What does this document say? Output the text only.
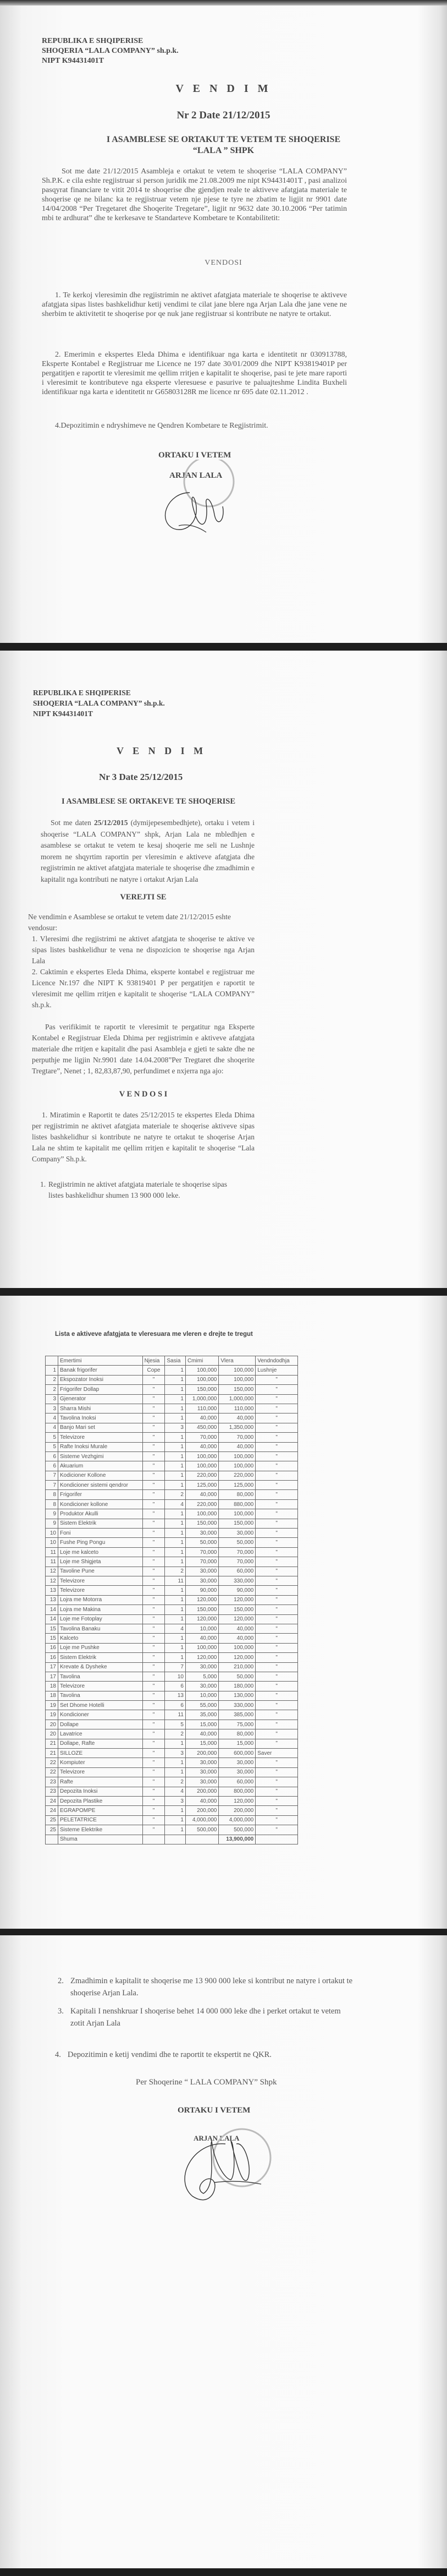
REPUBLIKA E SHQIPERISE
SHOQERIA “LALA COMPANY” sh.p.k.
NIPT K94431401T
V E N D I M
Nr 2 Date 21/12/2015
I ASAMBLESE SE ORTAKUT TE VETEM TE SHOQERISE
“LALA ” SHPK
Sot me date 21/12/2015 Asambleja e ortakut te vetem te shoqerise “LALA COMPANY” Sh.P.K. e cila eshte regjistruar si person juridik me 21.08.2009 me nipt K94431401T , pasi analizoi pasqyrat financiare te vitit 2014 te shoqerise dhe gjendjen reale te aktiveve afatgjata materiale te shoqerise qe ne bilanc ka te regjistruar vetem nje pjese te tyre ne zbatim te ligjit nr 9901 date 14/04/2008 “Per Tregetaret dhe Shoqerite Tregetare”, ligjit nr 9632 date 30.10.2006 “Per tatimin mbi te ardhurat” dhe te kerkesave te Standarteve Kombetare te Kontabilitetit:
VENDOSI
1. Te kerkoj vleresimin dhe regjistrimin ne aktivet afatgjata materiale te shoqerise te aktiveve afatgjata sipas listes bashkelidhur ketij vendimi te cilat jane blere nga Arjan Lala dhe jane vene ne sherbim te aktivitetit te shoqerise por qe nuk jane regjistruar si kontribute ne natyre te ortakut.
2. Emerimin e ekspertes Eleda Dhima e identifikuar nga karta e identitetit nr 030913788, Eksperte Kontabel e Regjistruar me Licence ne 197 date 30/01/2009 dhe NIPT K93819401P per pergatitjen e raportit te vleresimit me qellim rritjen e kapitalit te shoqerise, pasi te jete mare raporti i vleresimit te kontributeve nga eksperte vleresuese e pasurive te paluajteshme Lindita Buxheli identifikuar nga karta e identitetit nr G65803128R me licence nr 695 date 02.11.2012 .
4.Depozitimin e ndryshimeve ne Qendren Kombetare te Regjistrimit.
ORTAKU I VETEM
ARJAN LALA
REPUBLIKA E SHQIPERISE
SHOQERIA “LALA COMPANY” sh.p.k.
NIPT K94431401T
V E N D I M
Nr 3 Date 25/12/2015
I ASAMBLESE SE ORTAKEVE TE SHOQERISE
Sot me daten 25/12/2015 (dymijepesembedhjete), ortaku i vetem i shoqerise “LALA COMPANY” shpk, Arjan Lala ne mbledhjen e asamblese se ortakut te vetem te kesaj shoqerie me seli ne Lushnje morem ne shqyrtim raportin per vleresimin e aktiveve afatgjata dhe regjistrimin ne aktivet afatgjata materiale te shoqerise dhe zmadhimin e kapitalit nga kontributi ne natyre i ortakut Arjan Lala
VEREJTI SE
Ne vendimin e Asamblese se ortakut te vetem date 21/12/2015 eshte vendosur:
1. Vleresimi dhe regjistrimi ne aktivet afatgjata te shoqerise te aktive ve sipas listes bashkelidhur te vena ne dispozicion te shoqerise nga Arjan Lala
2. Caktimin e ekspertes Eleda Dhima, eksperte kontabel e regjistruar me Licence Nr.197 dhe NIPT K 93819401 P per pergatitjen e raportit te vleresimit me qellim rritjen e kapitalit te shoqerise “LALA COMPANY” sh.p.k.
Pas verifikimit te raportit te vleresimit te pergatitur nga Eksperte Kontabel e Regjistruar Eleda Dhima per regjistrimin e aktiveve afatgjata materiale dhe rritjen e kapitalit dhe pasi Asambleja e gjeti te sakte dhe ne perputhje me ligjin Nr.9901 date 14.04.2008”Per Tregtaret dhe shoqerite Tregtare”, Nenet ; 1, 82,83,87,90, perfundimet e nxjerra nga ajo:
V E N D O S I
1. Miratimin e Raportit te dates 25/12/2015 te ekspertes Eleda Dhima per regjistrimin ne aktivet afatgjata materiale te shoqerise aktiveve sipas listes bashkelidhur si kontribute ne natyre te ortakut te shoqerise Arjan Lala ne shtim te kapitalit me qellim rritjen e kapitalit te shoqerise “Lala Company” Sh.p.k.
1. Regjistrimin ne aktivet afatgjata materiale te shoqerise sipas listes bashkelidhur shumen 13 900 000 leke.
Lista e aktiveve afatgjata te vleresuara me vleren e drejte te tregut
	Emertimi	Njesia	Sasia	Cmimi	Vlera	Vendndodhja
1	Banak frigorifer	Cope	1	100,000	100,000	Lushnje
2	Ekspozator Inoksi	"	1	100,000	100,000	"
2	Frigorifer Dollap	"	1	150,000	150,000	"
3	Gjenerator	"	1	1,000,000	1,000,000	"
3	Sharra Mishi	"	1	110,000	110,000	"
4	Tavolina Inoksi	"	1	40,000	40,000	"
4	Banjo Mari set	"	3	450,000	1,350,000	"
5	Televizore	"	1	70,000	70,000	"
5	Rafte Inoksi Murale	"	1	40,000	40,000	"
6	Sisteme Vezhgimi	"	1	100,000	100,000	"
6	Akuarium	"	1	100,000	100,000	"
7	Kodicioner Kollone	"	1	220,000	220,000	"
7	Kondicioner sistemi qendror	"	1	125,000	125,000	"
8	Frigorifer	"	2	40,000	80,000	"
8	Kondicioner kollone	"	4	220,000	880,000	"
9	Produktor Akulli	"	1	100,000	100,000	"
9	Sistem Elektrik	"	1	150,000	150,000	"
10	Foni	"	1	30,000	30,000	"
10	Fushe Ping Pongu	"	1	50,000	50,000	"
11	Loje me kalceto	"	1	70,000	70,000	"
11	Loje me Shigjeta	"	1	70,000	70,000	"
12	Tavoline Pune	"	2	30,000	60,000	"
12	Televizore	"	11	30,000	330,000	"
13	Televizore	"	1	90,000	90,000	"
13	Lojra me Motorra	"	1	120,000	120,000	"
14	Lojra me Makina	"	1	150,000	150,000	"
14	Loje me Fotoplay	"	1	120,000	120,000	"
15	Tavolina Banaku	"	4	10,000	40,000	"
15	Kalceto	"	1	40,000	40,000	"
16	Loje me Pushke	"	1	100,000	100,000	"
16	Sistem Elektrik	"	1	120,000	120,000	"
17	Krevate & Dysheke	"	7	30,000	210,000	"
17	Tavolina	"	10	5,000	50,000	"
18	Televizore	"	6	30,000	180,000	"
18	Tavolina	"	13	10,000	130,000	"
19	Set Dhome Hotelli	"	6	55,000	330,000	"
19	Kondicioner	"	11	35,000	385,000	"
20	Dollape	"	5	15,000	75,000	"
20	Lavatrice	"	2	40,000	80,000	"
21	Dollape, Rafte	"	1	15,000	15,000	"
21	SILLOZE	"	3	200,000	600,000	Saver
22	Kompiuter	"	1	30,000	30,000	"
22	Televizore	"	1	30,000	30,000	"
23	Rafte	"	2	30,000	60,000	"
23	Depozita Inoksi	"	4	200,000	800,000	"
24	Depozita Plastike	"	3	40,000	120,000	"
24	EGRAPOMPE	"	1	200,000	200,000	"
25	PELETATRICE	"	1	4,000,000	4,000,000	"
25	Sisteme Elektrike	"	1	500,000	500,000	"
	Shuma				13,900,000	
2. Zmadhimin e kapitalit te shoqerise me 13 900 000 leke si kontribut ne natyre i ortakut te shoqerise Arjan Lala.
3. Kapitali I nenshkruar I shoqerise behet 14 000 000 leke dhe i perket ortakut te vetem zotit Arjan Lala
4. Depozitimin e ketij vendimi dhe te raportit te ekspertit ne QKR.
Per Shoqerine “ LALA COMPANY” Shpk
ORTAKU I VETEM
ARJAN LALA
